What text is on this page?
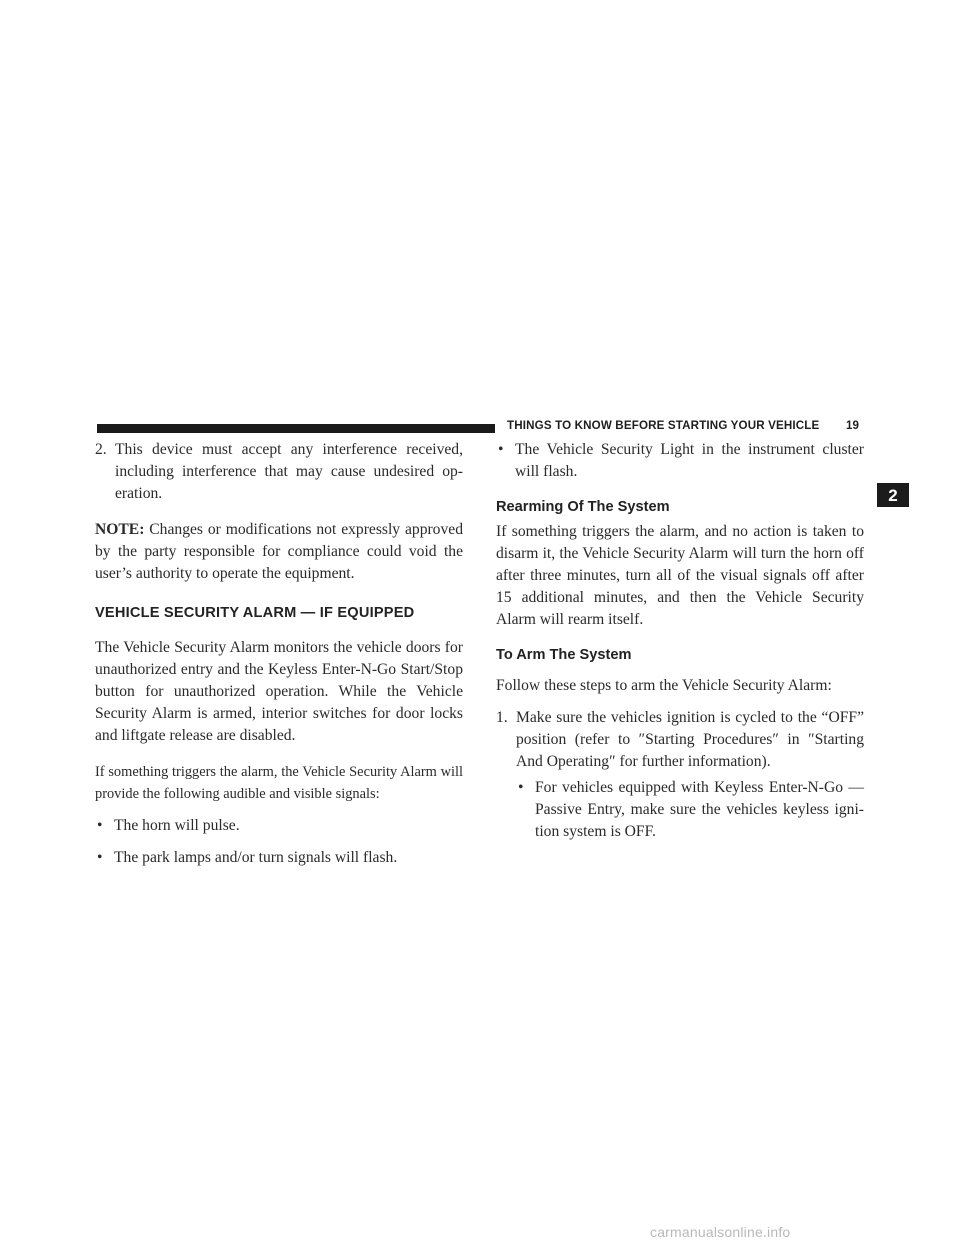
THINGS TO KNOW BEFORE STARTING YOUR VEHICLE	19
2
2. This device must accept any interference received, including interference that may cause undesired op-eration.

NOTE: Changes or modifications not expressly approved by the party responsible for compliance could void the user’s authority to operate the equipment.

VEHICLE SECURITY ALARM — IF EQUIPPED

The Vehicle Security Alarm monitors the vehicle doors for unauthorized entry and the Keyless Enter-N-Go Start/Stop button for unauthorized operation. While the Vehicle Security Alarm is armed, interior switches for door locks and liftgate release are disabled.

If something triggers the alarm, the Vehicle Security Alarm will provide the following audible and visible signals:

• The horn will pulse.
• The park lamps and/or turn signals will flash.
• The Vehicle Security Light in the instrument cluster will flash.
Rearming Of The System

If something triggers the alarm, and no action is taken to disarm it, the Vehicle Security Alarm will turn the horn off after three minutes, turn all of the visual signals off after 15 additional minutes, and then the Vehicle Security Alarm will rearm itself.

To Arm The System

Follow these steps to arm the Vehicle Security Alarm:

1. Make sure the vehicles ignition is cycled to the “OFF” position (refer to ″Starting Procedures″ in ″Starting And Operating″ for further information).
• For vehicles equipped with Keyless Enter-N-Go — Passive Entry, make sure the vehicles keyless igni-tion system is OFF.
carmanualsonline.info
